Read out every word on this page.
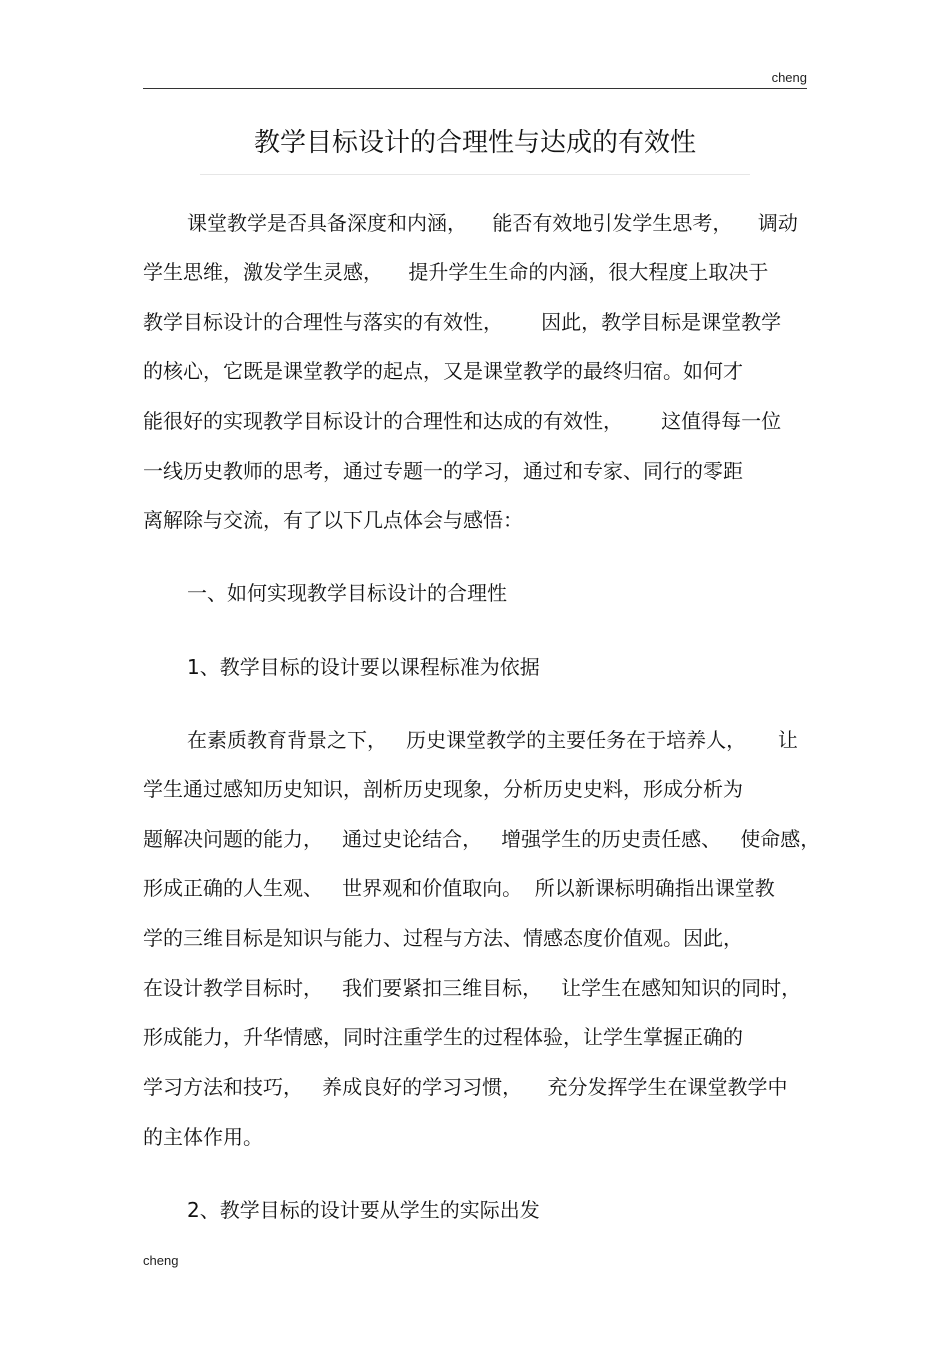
cheng
教学目标设计的合理性与达成的有效性
课堂教学是否具备深度和内涵，    能否有效地引发学生思考，    调动
学生思维，激发学生灵感，    提升学生生命的内涵，很大程度上取决于
教学目标设计的合理性与落实的有效性，      因此，教学目标是课堂教学
的核心，它既是课堂教学的起点，又是课堂教学的最终归宿。如何才
能很好的实现教学目标设计的合理性和达成的有效性，      这值得每一位
一线历史教师的思考，通过专题一的学习，通过和专家、同行的零距
离解除与交流，有了以下几点体会与感悟：
一、如何实现教学目标设计的合理性
1、教学目标的设计要以课程标准为依据
在素质教育背景之下，   历史课堂教学的主要任务在于培养人，     让
学生通过感知历史知识，剖析历史现象，分析历史史料，形成分析为
题解决问题的能力，   通过史论结合，   增强学生的历史责任感、   使命感，
形成正确的人生观、   世界观和价值取向。  所以新课标明确指出课堂教
学的三维目标是知识与能力、过程与方法、情感态度价值观。因此，
在设计教学目标时，   我们要紧扣三维目标，   让学生在感知知识的同时，
形成能力，升华情感，同时注重学生的过程体验，让学生掌握正确的
学习方法和技巧，   养成良好的学习习惯，    充分发挥学生在课堂教学中
的主体作用。
2、教学目标的设计要从学生的实际出发
cheng
